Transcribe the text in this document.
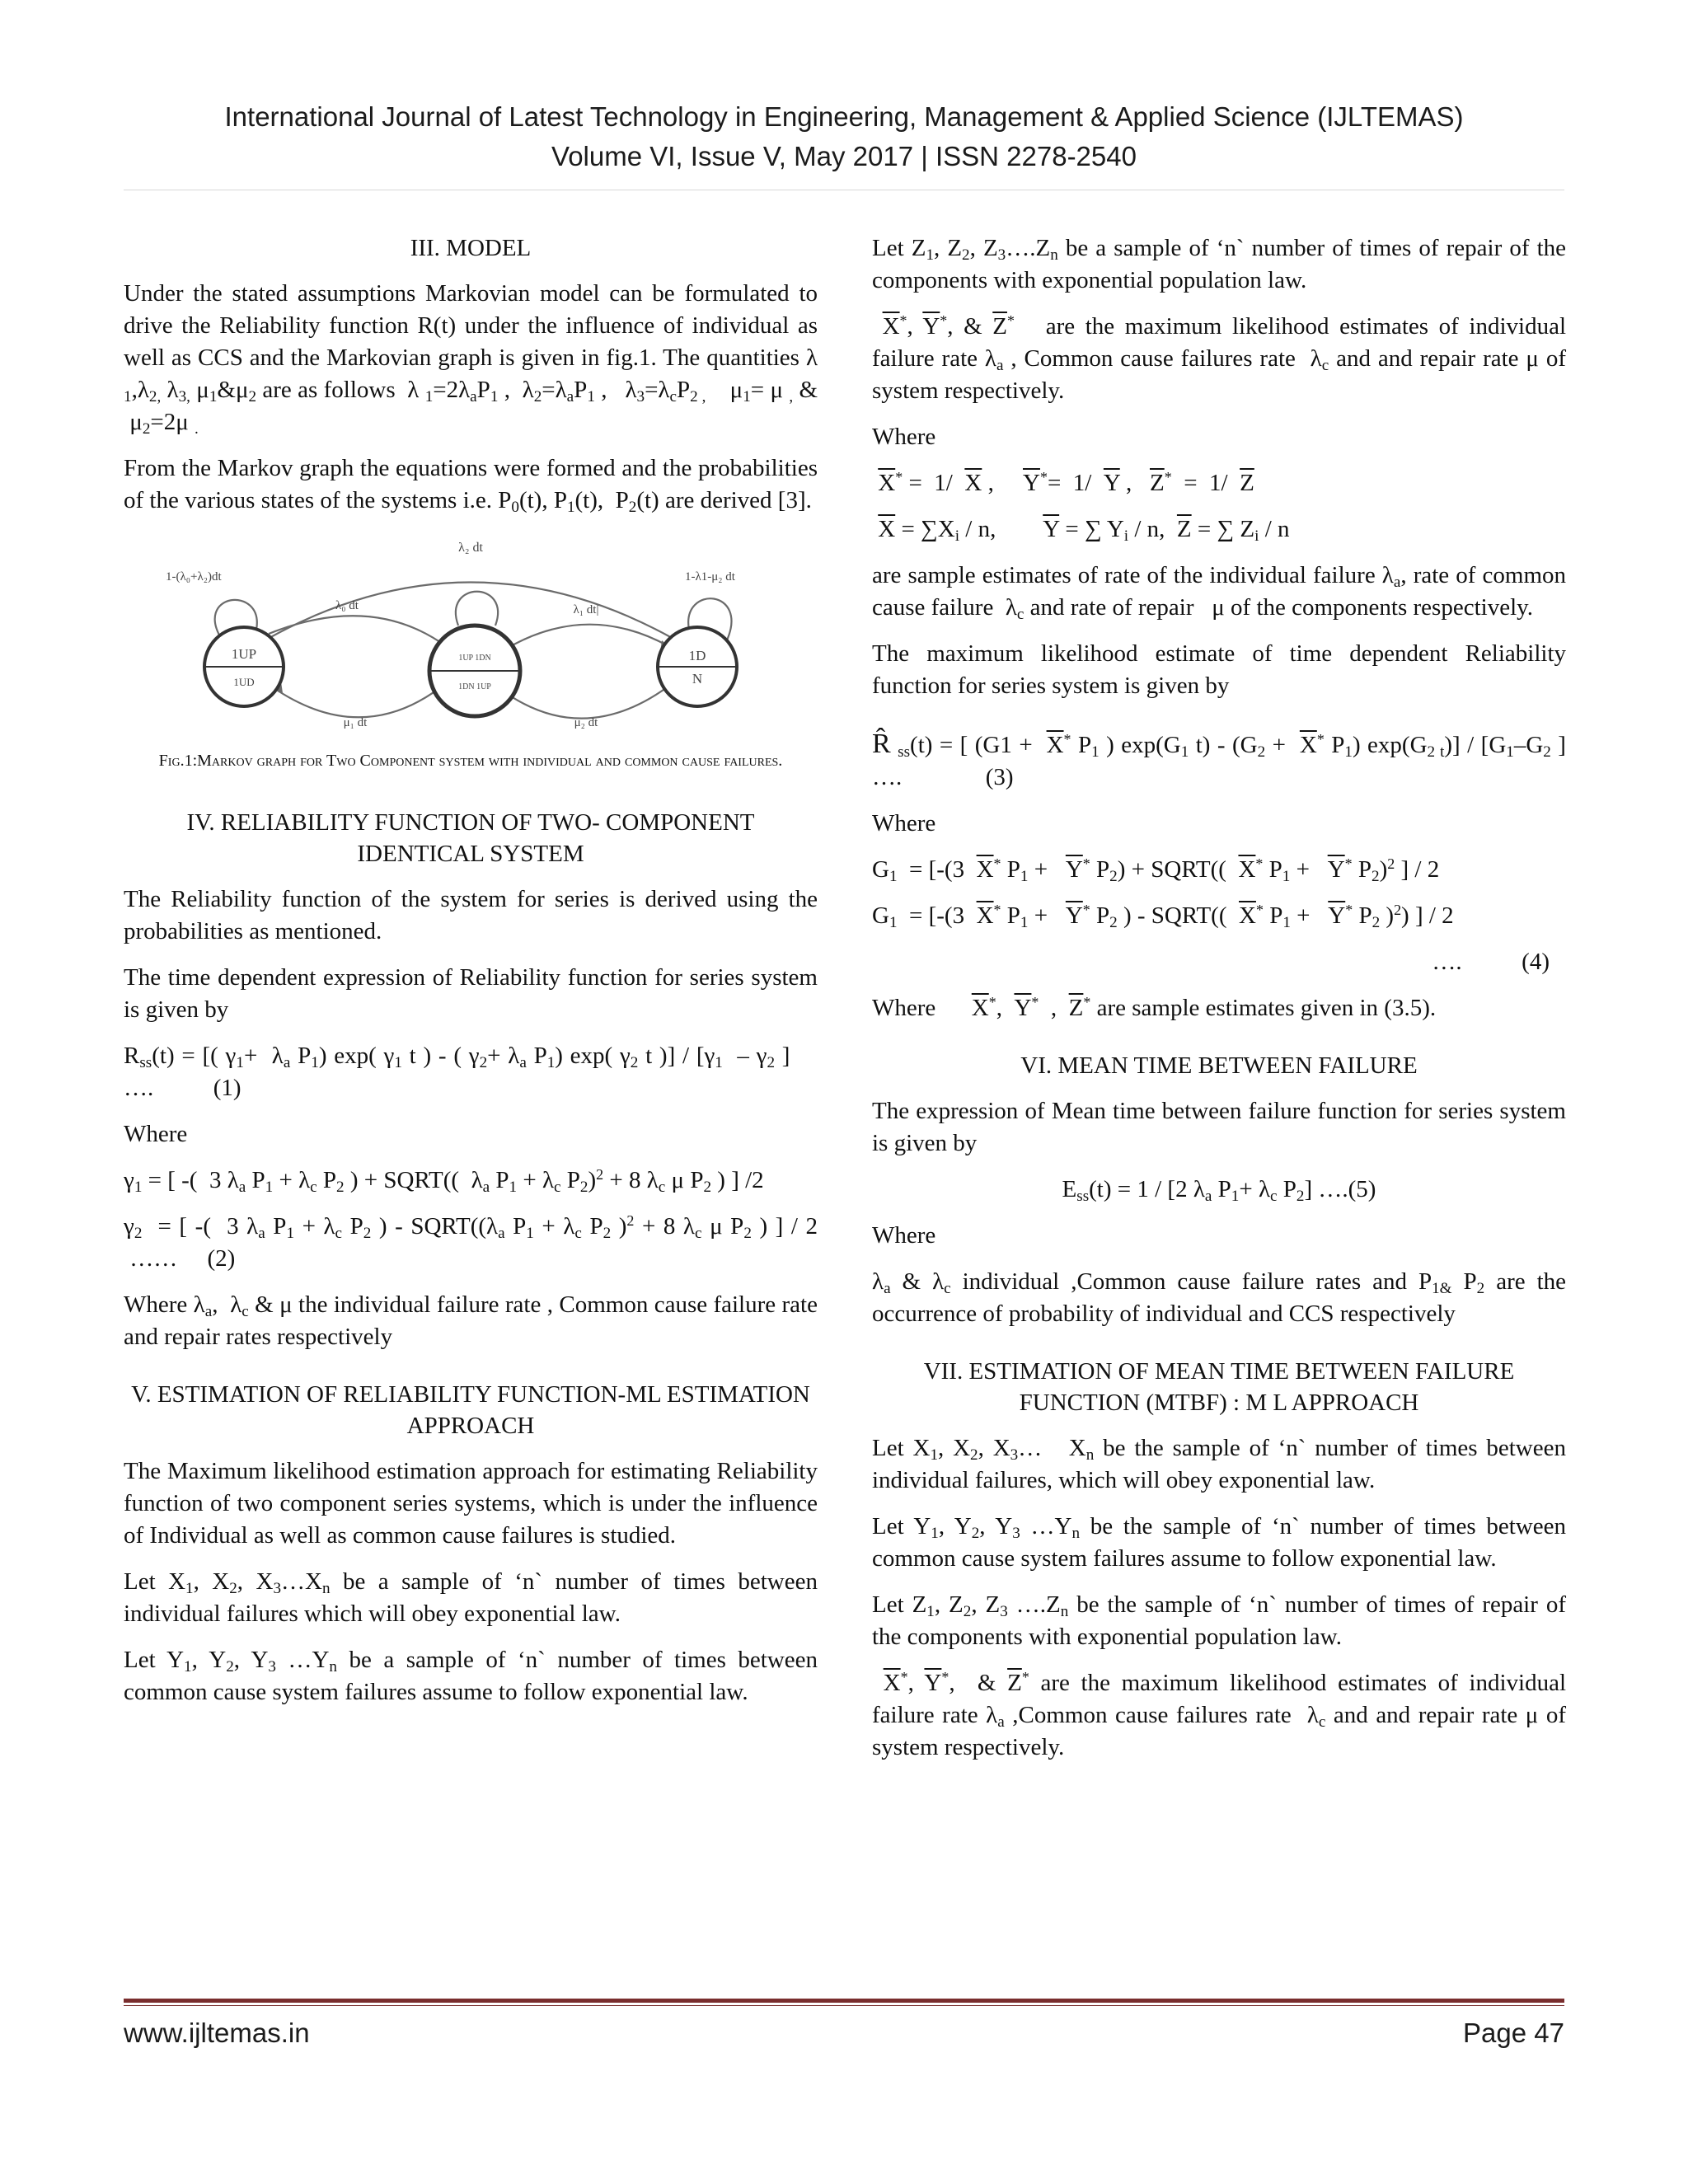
International Journal of Latest Technology in Engineering, Management & Applied Science (IJLTEMAS)
Volume VI, Issue V, May 2017 | ISSN 2278-2540
III. MODEL

Under the stated assumptions Markovian model can be formulated to drive the Reliability function R(t) under the influence of individual as well as CCS and the Markovian graph is given in fig.1. The quantities λ $_1,\lambda_{2,}$ $\lambda_{3,}$ $\mu_1\&\mu_2$ are as follows  λ $_1=2\lambda_aP_1$ ,  $\lambda_2=\lambda_aP_1$ ,   $\lambda_3=\lambda_cP_{2 ,}$    $\mu_1= \mu$ $_,$ &  $\mu_2=2\mu$ $_.$

From the Markov graph the equations were formed and the probabilities of the various states of the systems i.e. $P_0(t)$, $P_1(t)$,  $P_2(t)$ are derived [3].

1UP
1UD
1UP 1DN
1DN 1UP
1D
N
λ₂ dt
1-(λ₀+λ₂)dt	1-λ1-μ₂ dt
λ₀ dt	λ₁ dt|
μ₁ dt	μ₂ dt
Fig.1:Markov graph for Two Component system with individual and common cause failures.
IV. RELIABILITY FUNCTION OF TWO- COMPONENT IDENTICAL SYSTEM

The Reliability function of the system for series is derived using the probabilities as mentioned.

The time dependent expression of Reliability function for series system is given by

$R_{ss}(t)$ = [( $\gamma_1+ \lambda_a$ $P_1$) exp( $\gamma_1$ t ) - ( $\gamma_2+ \lambda_a$ $P_1$) exp( $\gamma_2$ t )] / [$\gamma_1 - \gamma_2$ ]     ….          (1)

Where

$\gamma_1$ = [ -(  3 $\lambda_a$ $P_1 + \lambda_c$ $P_2$ ) + SQRT((  $\lambda_a$ $P_1 + \lambda_c$ $P_2)^2 + 8$ $\lambda_c$ μ $P_2$ ) ] /2

$\gamma_2$  = [ -(  3 $\lambda_a$ $P_1 + \lambda_c$ $P_2$ ) - $SQRT((\lambda_a$ $P_1 + \lambda_c$ $P_2$ )$^2$ + 8 $\lambda_c$ μ $P_2$ ) ] / 2  ……     (2)

Where $\lambda_a$,  $\lambda_c$ & μ the individual failure rate , Common cause failure rate and repair rates respectively

V. ESTIMATION OF RELIABILITY FUNCTION-ML ESTIMATION APPROACH

The Maximum likelihood estimation approach for estimating Reliability function of two component series systems, which is under the influence of Individual as well as common cause failures is studied.

Let $X_1$, $X_2$, $X_3\dots X_n$ be a sample of ‘n` number of times between individual failures which will obey exponential law.

Let $Y_1$, $Y_2$, $Y_3$ $\dots Y_n$ be a sample of ‘n` number of times between common cause system failures assume to follow exponential law.

Let $Z_1$, $Z_2$, $Z_3\dots.Z_n$ be a sample of ‘n` number of times of repair of the components with exponential population law.

$\overline{X}^*$, $\overline{Y}^*$, & $\overline{Z}^*$ are the maximum likelihood estimates of individual failure rate $\lambda_a$ , Common cause failures rate  $\lambda_c$ and and repair rate μ of system respectively.

Where

$\overline{X}^* = 1/$  $\overline{X}$ ,     $\overline{Y}^*= 1/$  $\overline{Y}$ ,   $\overline{Z}^* = 1/$  $\overline{Z}$

$\overline{X} = \sum X_i / n$,        $\overline{Y}$ = ∑ $Y_i$ / n,  $\overline{Z}$ = ∑ $Z_i$ / n

are sample estimates of rate of the individual failure $\lambda_a$, rate of common cause failure  $\lambda_c$ and rate of repair   μ of the components respectively.

The maximum likelihood estimate of time dependent Reliability function for series system is given by

R̂ $_{ss}$(t) = [ ($G1 + \overline{X}^*$ $P_1$ ) $\exp(G_1$ $t) - (G_2 + \overline{X}^*$ $P_1$) $\exp(G_{2 t})] / [G_1-G_2$ ] ….              (3)

Where

$G_1 = [-(3$  $\overline{X}^*$ $P_1 + \overline{Y}^*$ $P_2$) + SQRT((  $\overline{X}^*$ $P_1 + \overline{Y}^*$ $P_2)^2$ ] / 2

$G_1 = [-(3$  $\overline{X}^*$ $P_1 + \overline{Y}^*$ $P_2$ ) - SQRT((  $\overline{X}^*$ $P_1 + \overline{Y}^*$ $P_2$ )$^2$) ] / 2

….          (4)

Where      $\overline{X}^*$,  $\overline{Y}^*$  ,  $\overline{Z}^*$ are sample estimates given in (3.5).

VI. MEAN TIME BETWEEN FAILURE

The expression of Mean time between failure function for series system is given by

$E_{ss}(t) = 1 / [2$ $\lambda_a$ $P_1+ \lambda_c$ $P_2$] ….(5)

Where

$\lambda_a$ & $\lambda_c$ individual ,Common cause failure rates and $P_{1\&}$ $P_2$ are the occurrence of probability of individual and CCS respectively

VII. ESTIMATION OF MEAN TIME BETWEEN FAILURE FUNCTION (MTBF) : M L APPROACH

Let $X_1$, $X_2$, $X_3\dots$   $X_n$ be the sample of ‘n` number of times between individual failures, which will obey exponential law.

Let $Y_1$, $Y_2$, $Y_3$ $\dots Y_n$ be the sample of ‘n` number of times between common cause system failures assume to follow exponential law.

Let $Z_1$, $Z_2$, $Z_3$ $\dots.Z_n$ be the sample of ‘n` number of times of repair of the components with exponential population law.

$\overline{X}^*$, $\overline{Y}^*$,  & $\overline{Z}^*$ are the maximum likelihood estimates of individual failure rate $\lambda_a$ ,Common cause failures rate  $\lambda_c$ and and repair rate μ of system respectively.

www.ijltemas.in	Page 47
